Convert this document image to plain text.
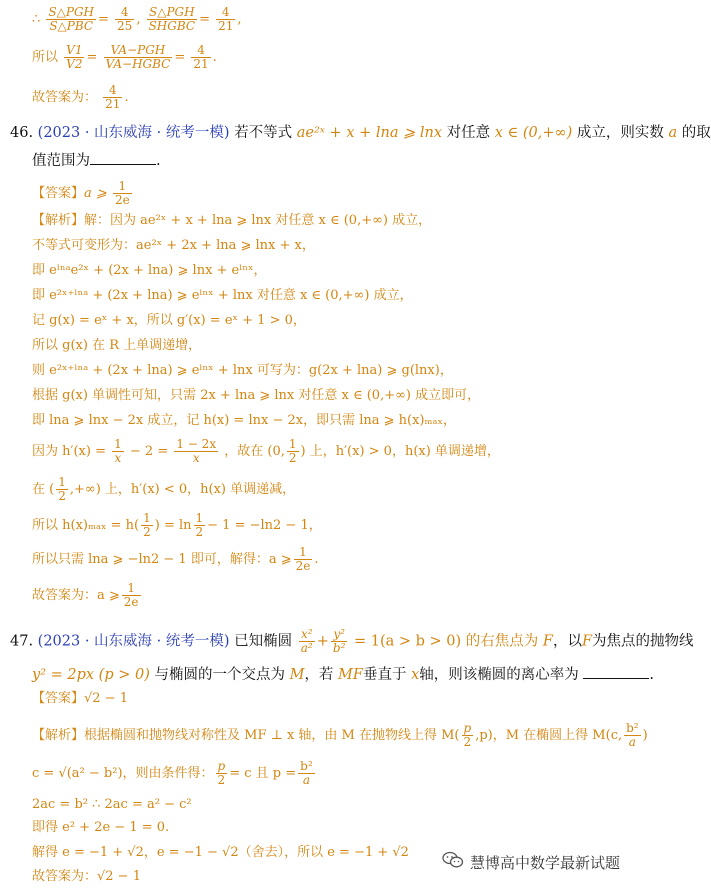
∴ $\frac{\text{S△PGH}}{\text{S△PBC}} = \frac{4}{25}$ , $\frac{\text{S△PGH}}{\text{SHGBC}} = \frac{4}{21}$ ,
所以 $\frac{V1}{V2} = \frac{\text{VA−PGH}}{\text{VA−HGBC}} = \frac{4}{21}$ .
故答案为： $\frac{4}{21}$ .
46. (2023 · 山东威海 · 统考一模) 若不等式 ae²ˣ + x + lna ⩾ lnx 对任意 x ∈ (0,+∞) 成立，则实数 a 的取
值范围为	.
【答案】a ⩾ $\frac{1}{2e}$
【解析】解：因为 ae²ˣ + x + lna ⩾ lnx 对任意 x ∈ (0,+∞) 成立，
不等式可变形为：ae²ˣ + 2x + lna ⩾ lnx + x，
即 eˡⁿᵃe²ˣ + (2x + lna) ⩾ lnx + eˡⁿˣ，
即 e²ˣ⁺ˡⁿᵃ + (2x + lna) ⩾ eˡⁿˣ + lnx 对任意 x ∈ (0,+∞) 成立，
记 g(x) = eˣ + x，所以 g′(x) = eˣ + 1 > 0，
所以 g(x) 在 R 上单调递增，
则 e²ˣ⁺ˡⁿᵃ + (2x + lna) ⩾ eˡⁿˣ + lnx 可写为：g(2x + lna) ⩾ g(lnx)，
根据 g(x) 单调性可知，只需 2x + lna ⩾ lnx 对任意 x ∈ (0,+∞) 成立即可，
即 lna ⩾ lnx − 2x 成立，记 h(x) = lnx − 2x，即只需 lna ⩾ h(x)ₘₐₓ，
因为 $h'(x) = \frac{1}{x} - 2 = \frac{1 - 2x}{x}$ ，故在 (0, $\frac{1}{2}$ ) 上，h′(x) > 0，h(x) 单调递增，
在 ( $\frac{1}{2}$ ,+∞) 上，h′(x) < 0，h(x) 单调递减，
所以 $h(x)_{max} = h( \frac{1}{2}$ ) = $\ln \frac{1}{2} - 1 = -\ln 2 - 1$，
所以只需 lna ⩾ −ln2 − 1 即可，解得：a ⩾ $\frac{1}{2e}$ .
故答案为：a ⩾ $\frac{1}{2e}$
47. (2023 · 山东威海 · 统考一模) 已知椭圆 $\frac{\text{x²}}{\text{a²}} + \frac{\text{y²}}{\text{b²}} = 1(a > b > 0)$ 的右焦点为 F，以F为焦点的抛物线
y² = 2px (p > 0) 与椭圆的一个交点为 M，若 MF垂直于 x轴，则该椭圆的离心率为	.
【答案】√2 − 1
【解析】根据椭圆和抛物线对称性及 MF ⊥ x 轴，由 M 在抛物线上得 $M( \frac{p}{2} ,p)$，M 在椭圆上得 M(c, $\frac{\text{b²}}{a}$ )
c = √(a² − b²)，则由条件得： $\frac{p}{2} = c$ 且 $p = \frac{\text{b²}}{a}$
2ac = b² ∴ 2ac = a² − c²
即得 e² + 2e − 1 = 0.
解得 e = −1 + √2，e = −1 − √2（舍去），所以 e = −1 + √2
故答案为：√2 − 1
慧博高中数学最新试题
